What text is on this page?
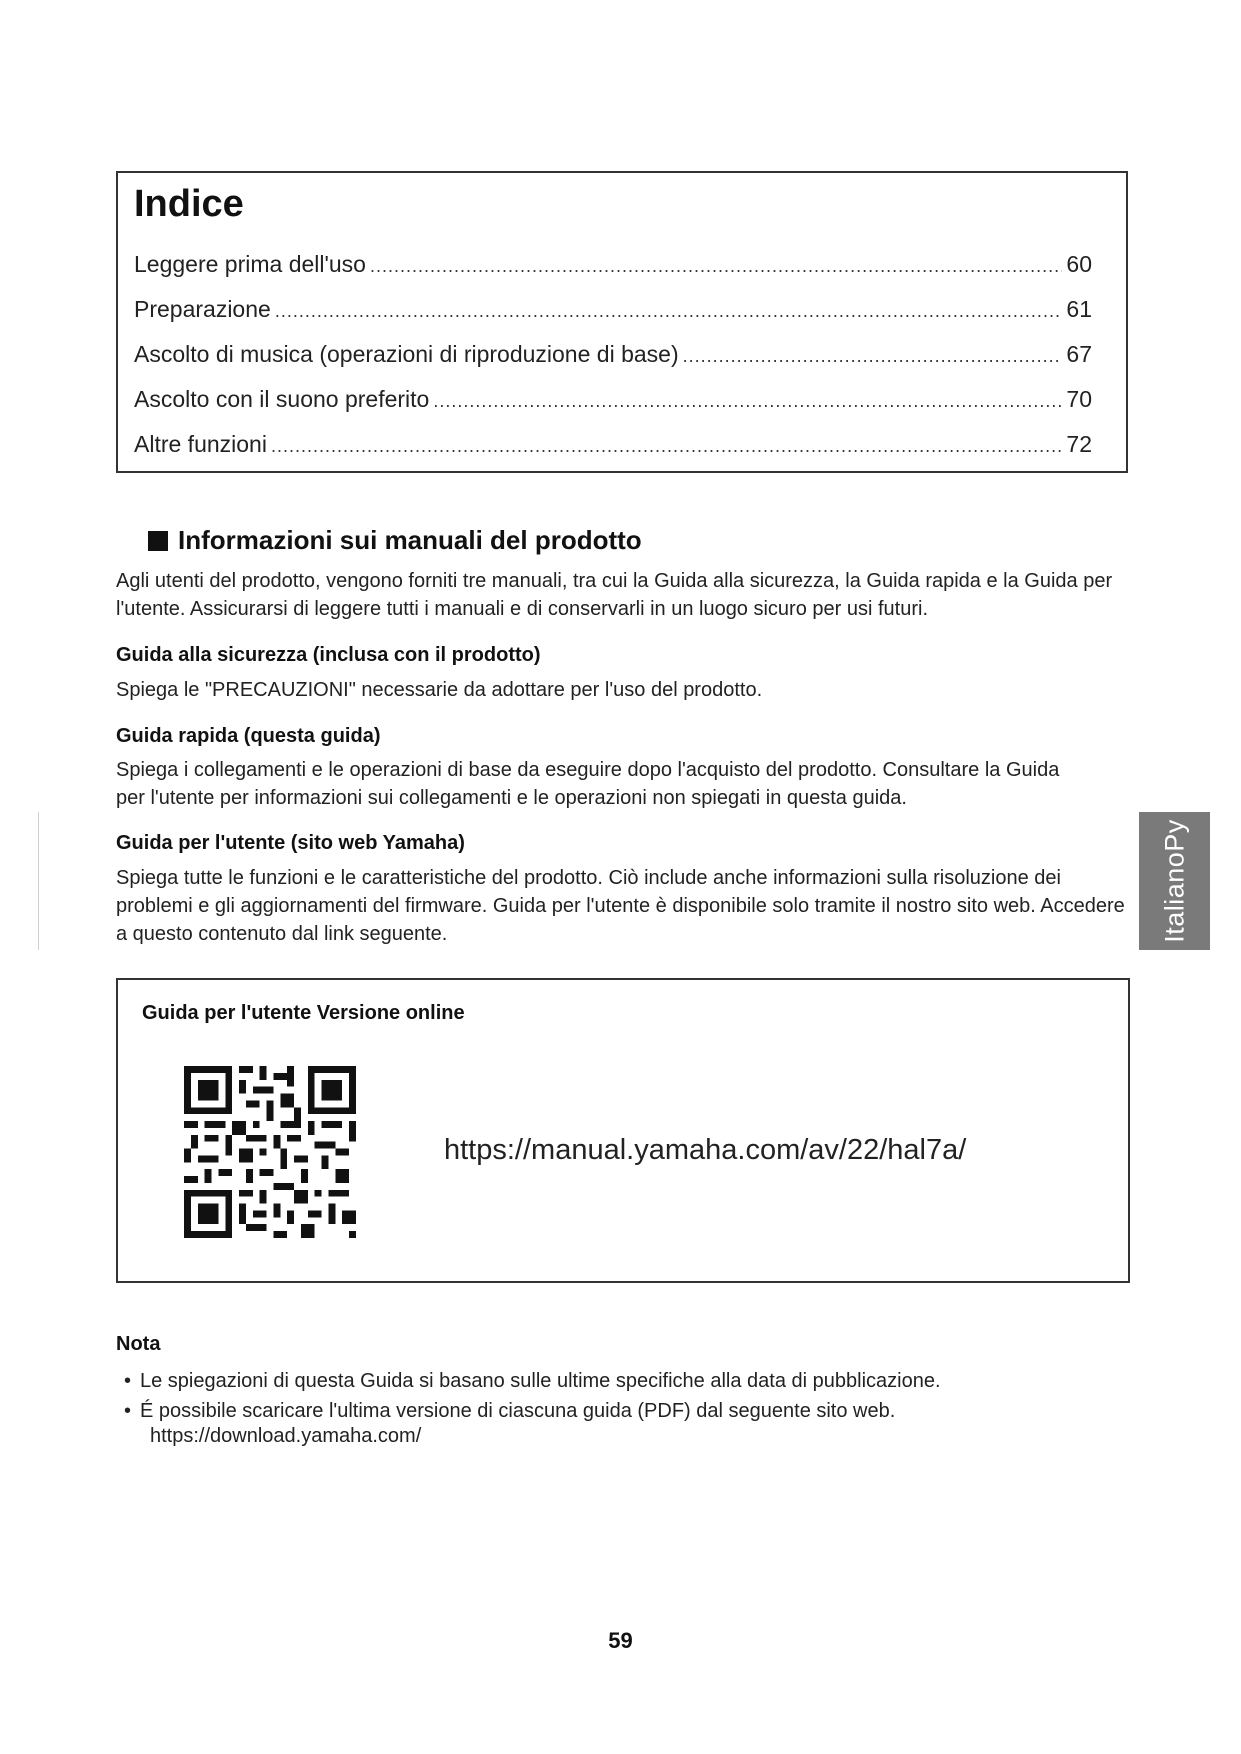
Indice
Leggere prima dell'uso .....	60
Preparazione .....	61
Ascolto di musica (operazioni di riproduzione di base) .....	67
Ascolto con il suono preferito .....	70
Altre funzioni .....	72
Informazioni sui manuali del prodotto

Agli utenti del prodotto, vengono forniti tre manuali, tra cui la Guida alla sicurezza, la Guida rapida e la Guida per l'utente. Assicurarsi di leggere tutti i manuali e di conservarli in un luogo sicuro per usi futuri.

Guida alla sicurezza (inclusa con il prodotto)

Spiega le "PRECAUZIONI" necessarie da adottare per l'uso del prodotto.

Guida rapida (questa guida)

Spiega i collegamenti e le operazioni di base da eseguire dopo l'acquisto del prodotto. Consultare la Guida per l'utente per informazioni sui collegamenti e le operazioni non spiegati in questa guida.

Guida per l'utente (sito web Yamaha)

Spiega tutte le funzioni e le caratteristiche del prodotto. Ciò include anche informazioni sulla risoluzione dei problemi e gli aggiornamenti del firmware. Guida per l'utente è disponibile solo tramite il nostro sito web. Accedere a questo contenuto dal link seguente.	ItalianoPy
Guida per l'utente Versione online

https://manual.yamaha.com/av/22/hal7a/

Nota
• Le spiegazioni di questa Guida si basano sulle ultime specifiche alla data di pubblicazione.
• É possibile scaricare l'ultima versione di ciascuna guida (PDF) dal seguente sito web.

https://download.yamaha.com/

59
